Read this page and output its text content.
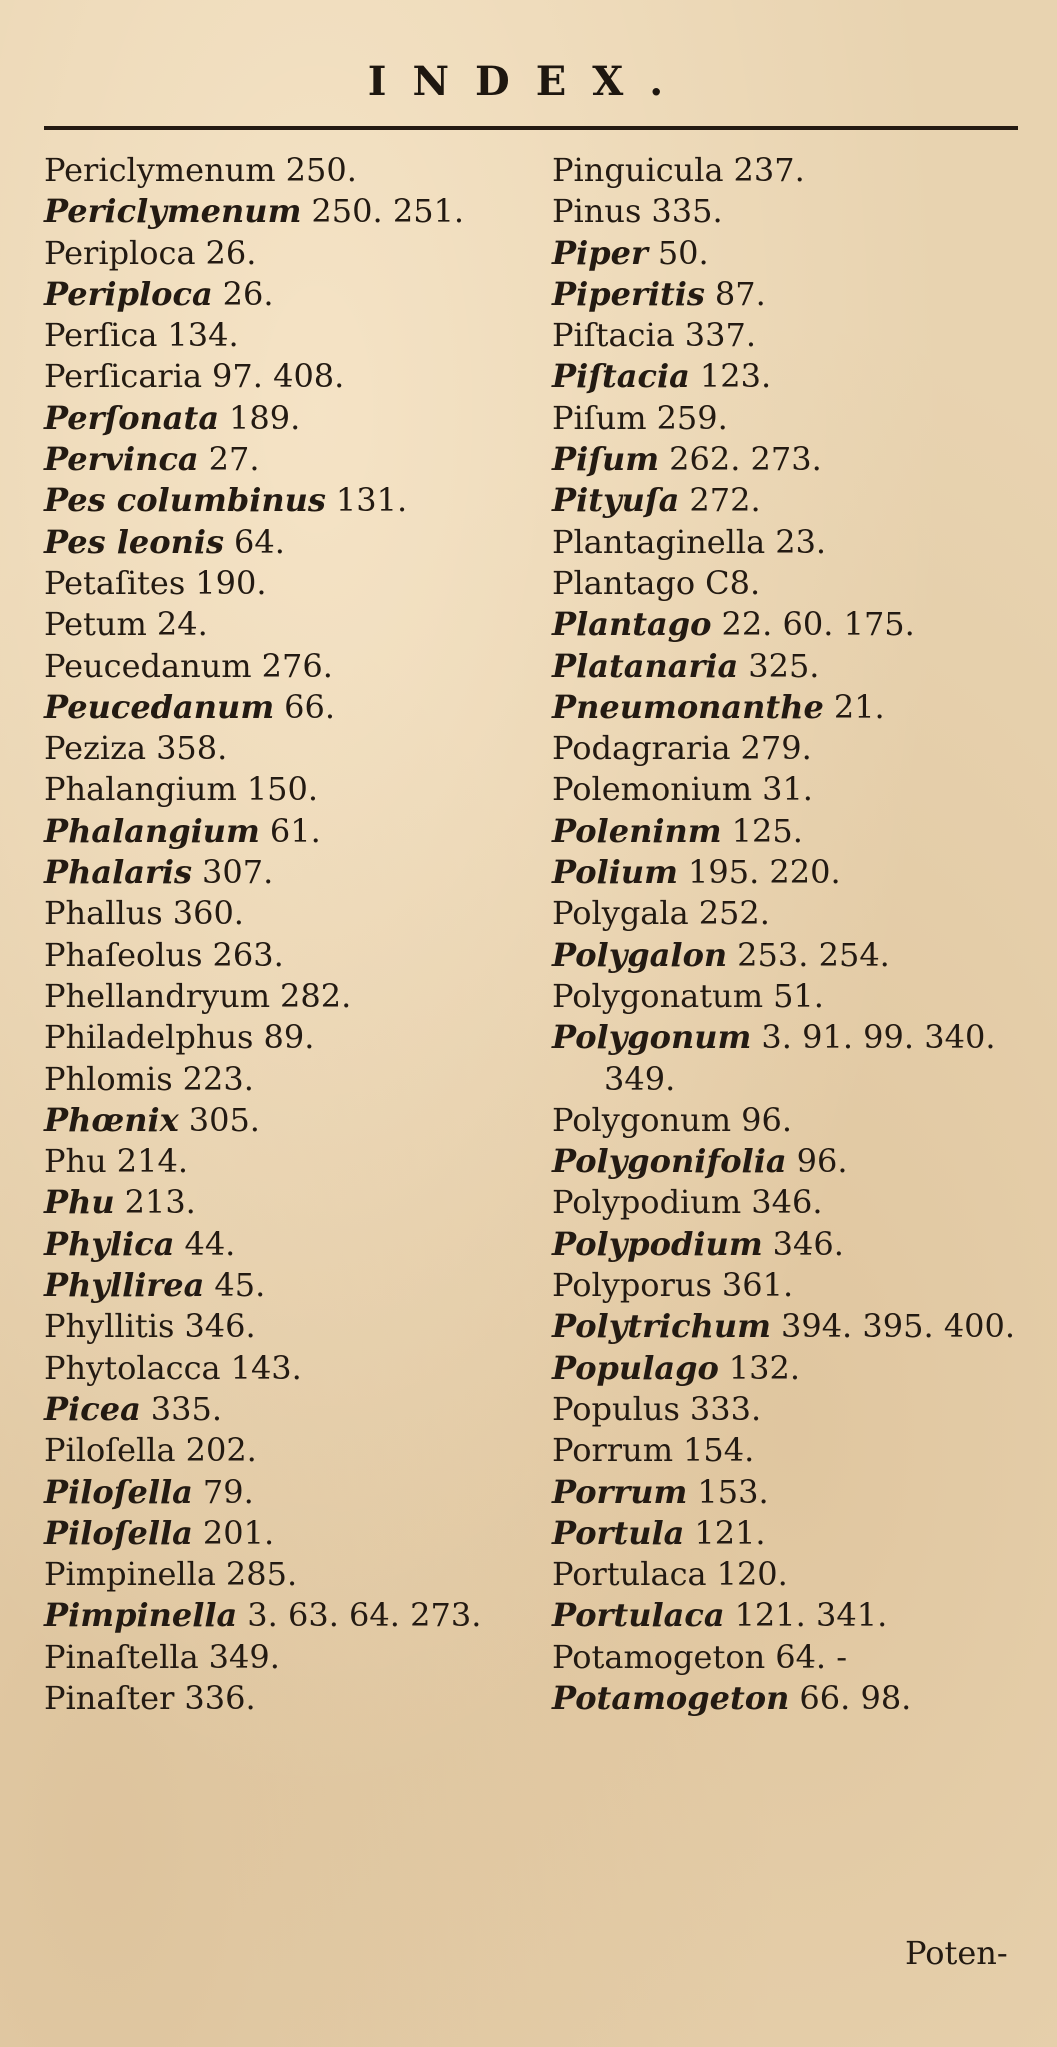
INDEX.
Periclymenum 250.
Periclymenum 250. 251.
Periploca 26.
Periploca 26.
Perſica 134.
Perſicaria 97. 408.
Perſonata 189.
Pervinca 27.
Pes columbinus 131.
Pes leonis 64.
Petaſites 190.
Petum 24.
Peucedanum 276.
Peucedanum 66.
Peziza 358.
Phalangium 150.
Phalangium 61.
Phalaris 307.
Phallus 360.
Phaſeolus 263.
Phellandryum 282.
Philadelphus 89.
Phlomis 223.
Phœnix 305.
Phu 214.
Phu 213.
Phylica 44.
Phyllirea 45.
Phyllitis 346.
Phytolacca 143.
Picea 335.
Piloſella 202.
Piloſella 79.
Piloſella 201.
Pimpinella 285.
Pimpinella 3. 63. 64. 273.
Pinaſtella 349.
Pinaſter 336.
Pinguicula 237.
Pinus 335.
Piper 50.
Piperitis 87.
Piſtacia 337.
Piſtacia 123.
Piſum 259.
Piſum 262. 273.
Pityuſa 272.
Plantaginella 23.
Plantago C8.
Plantago 22. 60. 175.
Platanaria 325.
Pneumonanthe 21.
Podagraria 279.
Polemonium 31.
Poleninm 125.
Polium 195. 220.
Polygala 252.
Polygalon 253. 254.
Polygonatum 51.
Polygonum 3. 91. 99. 340.
349.
Polygonum 96.
Polygonifolia 96.
Polypodium 346.
Polypodium 346.
Polyporus 361.
Polytrichum 394. 395. 400.
Populago 132.
Populus 333.
Porrum 154.
Porrum 153.
Portula 121.
Portulaca 120.
Portulaca 121. 341.
Potamogeton 64. -
Potamogeton 66. 98.
Poten-
